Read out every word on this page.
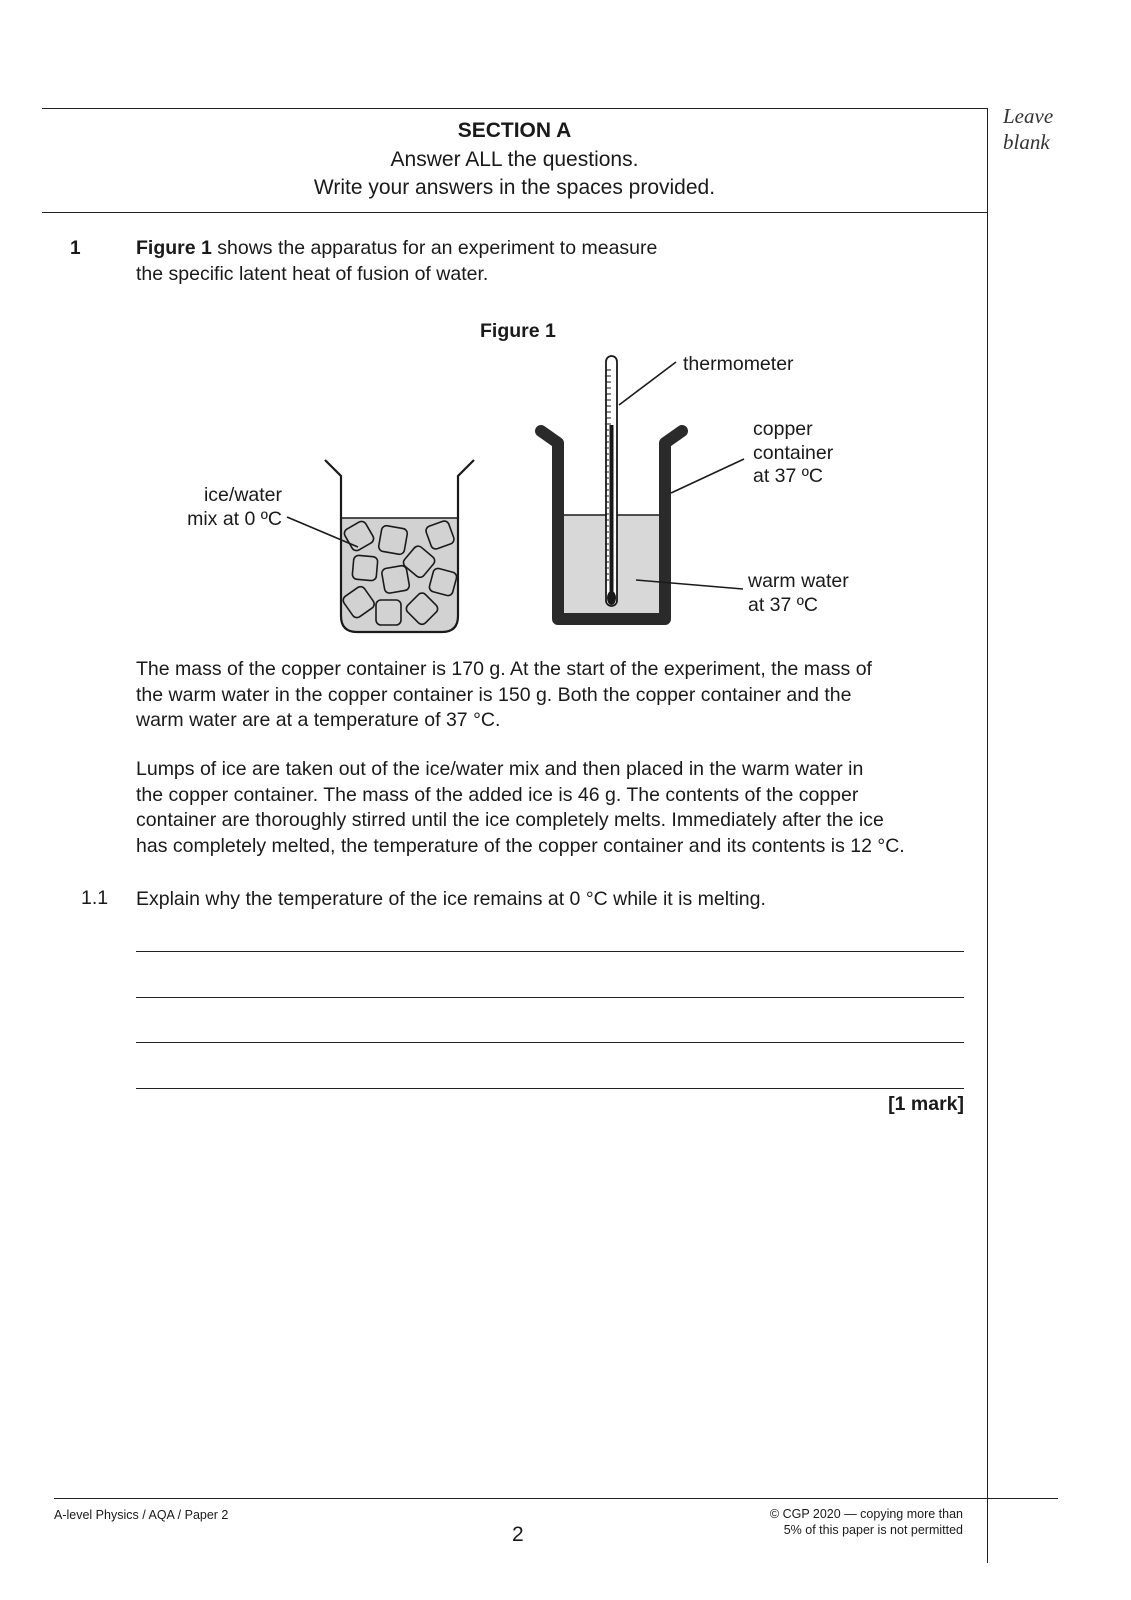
Leave
blank
SECTION A
Answer ALL the questions.
Write your answers in the spaces provided.
1	Figure 1 shows the apparatus for an experiment to measure
the specific latent heat of fusion of water.
Figure 1
thermometer
copper
container
at 37 ºC
ice/water
mix at 0 ºC
warm water
at 37 ºC
The mass of the copper container is 170 g. At the start of the experiment, the mass of
the warm water in the copper container is 150 g. Both the copper container and the
warm water are at a temperature of 37 °C.
Lumps of ice are taken out of the ice/water mix and then placed in the warm water in
the copper container. The mass of the added ice is 46 g. The contents of the copper
container are thoroughly stirred until the ice completely melts. Immediately after the ice
has completely melted, the temperature of the copper container and its contents is 12 °C.
1.1 Explain why the temperature of the ice remains at 0 °C while it is melting.
[1 mark]
A-level Physics / AQA / Paper 2
2
© CGP 2020 — copying more than
5% of this paper is not permitted
